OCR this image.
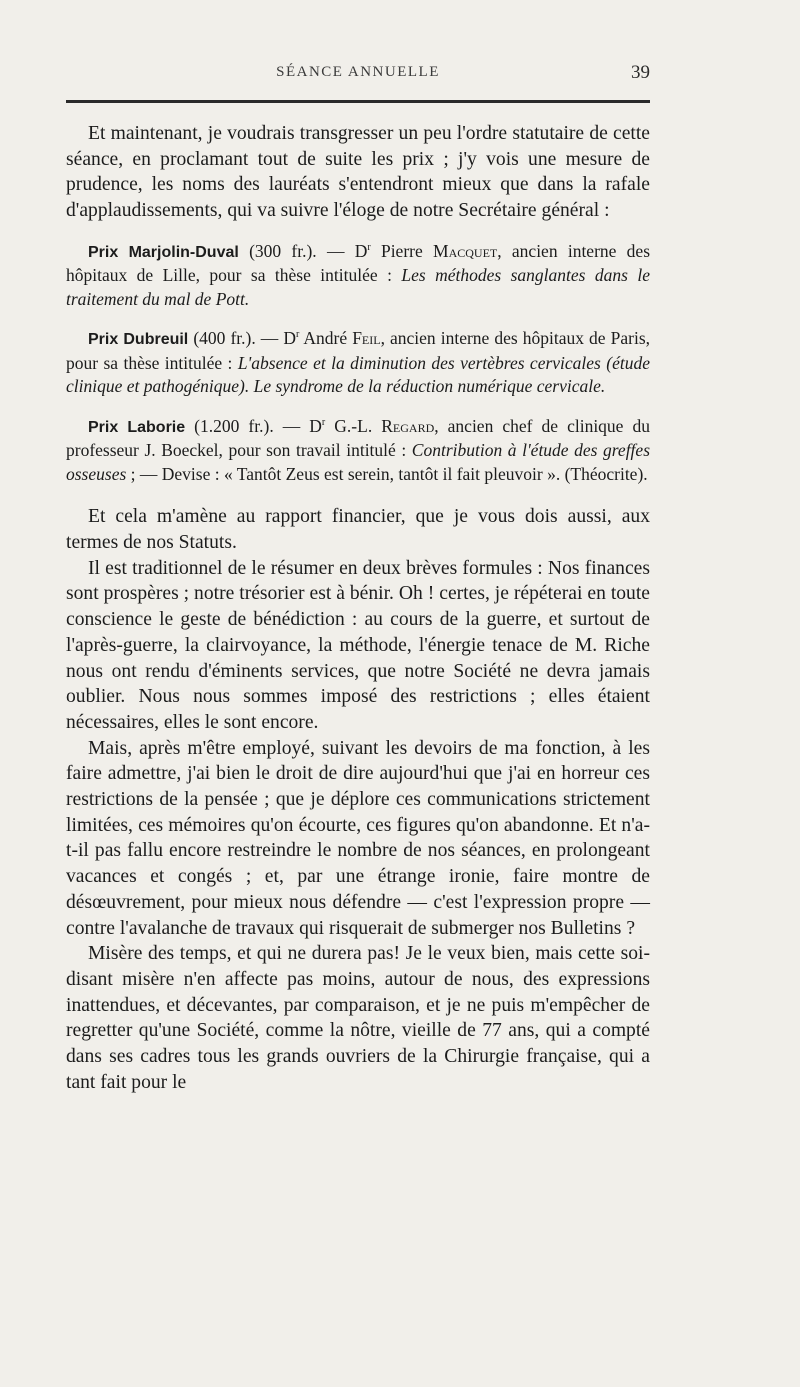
SÉANCE ANNUELLE	39

Et maintenant, je voudrais transgresser un peu l'ordre statutaire de cette séance, en proclamant tout de suite les prix ; j'y vois une mesure de prudence, les noms des lauréats s'entendront mieux que dans la rafale d'applaudissements, qui va suivre l'éloge de notre Secrétaire général :

Prix Marjolin-Duval (300 fr.). — $D^r$ Pierre Macquet, ancien interne des hôpitaux de Lille, pour sa thèse intitulée : Les méthodes sanglantes dans le traitement du mal de Pott.

Prix Dubreuil (400 fr.). — $D^r$ André Feil, ancien interne des hôpitaux de Paris, pour sa thèse intitulée : L'absence et la diminution des vertèbres cervicales (étude clinique et pathogénique). Le syndrome de la réduction numérique cervicale.

Prix Laborie (1.200 fr.). — $D^r$ G.-L. Regard, ancien chef de clinique du professeur J. Boeckel, pour son travail intitulé : Contribution à l'étude des greffes osseuses ; — Devise : « Tantôt Zeus est serein, tantôt il fait pleuvoir ». (Théocrite).

Et cela m'amène au rapport financier, que je vous dois aussi, aux termes de nos Statuts.

Il est traditionnel de le résumer en deux brèves formules : Nos finances sont prospères ; notre trésorier est à bénir. Oh ! certes, je répéterai en toute conscience le geste de bénédiction : au cours de la guerre, et surtout de l'après-guerre, la clairvoyance, la méthode, l'énergie tenace de M. Riche nous ont rendu d'éminents services, que notre Société ne devra jamais oublier. Nous nous sommes imposé des restrictions ; elles étaient nécessaires, elles le sont encore.

Mais, après m'être employé, suivant les devoirs de ma fonction, à les faire admettre, j'ai bien le droit de dire aujourd'hui que j'ai en horreur ces restrictions de la pensée ; que je déplore ces communications strictement limitées, ces mémoires qu'on écourte, ces figures qu'on abandonne. Et n'a-t-il pas fallu encore restreindre le nombre de nos séances, en prolongeant vacances et congés ; et, par une étrange ironie, faire montre de désœuvrement, pour mieux nous défendre — c'est l'expression propre — contre l'avalanche de travaux qui risquerait de submerger nos Bulletins ?

Misère des temps, et qui ne durera pas! Je le veux bien, mais cette soi-disant misère n'en affecte pas moins, autour de nous, des expressions inattendues, et décevantes, par comparaison, et je ne puis m'empêcher de regretter qu'une Société, comme la nôtre, vieille de 77 ans, qui a compté dans ses cadres tous les grands ouvriers de la Chirurgie française, qui a tant fait pour le
